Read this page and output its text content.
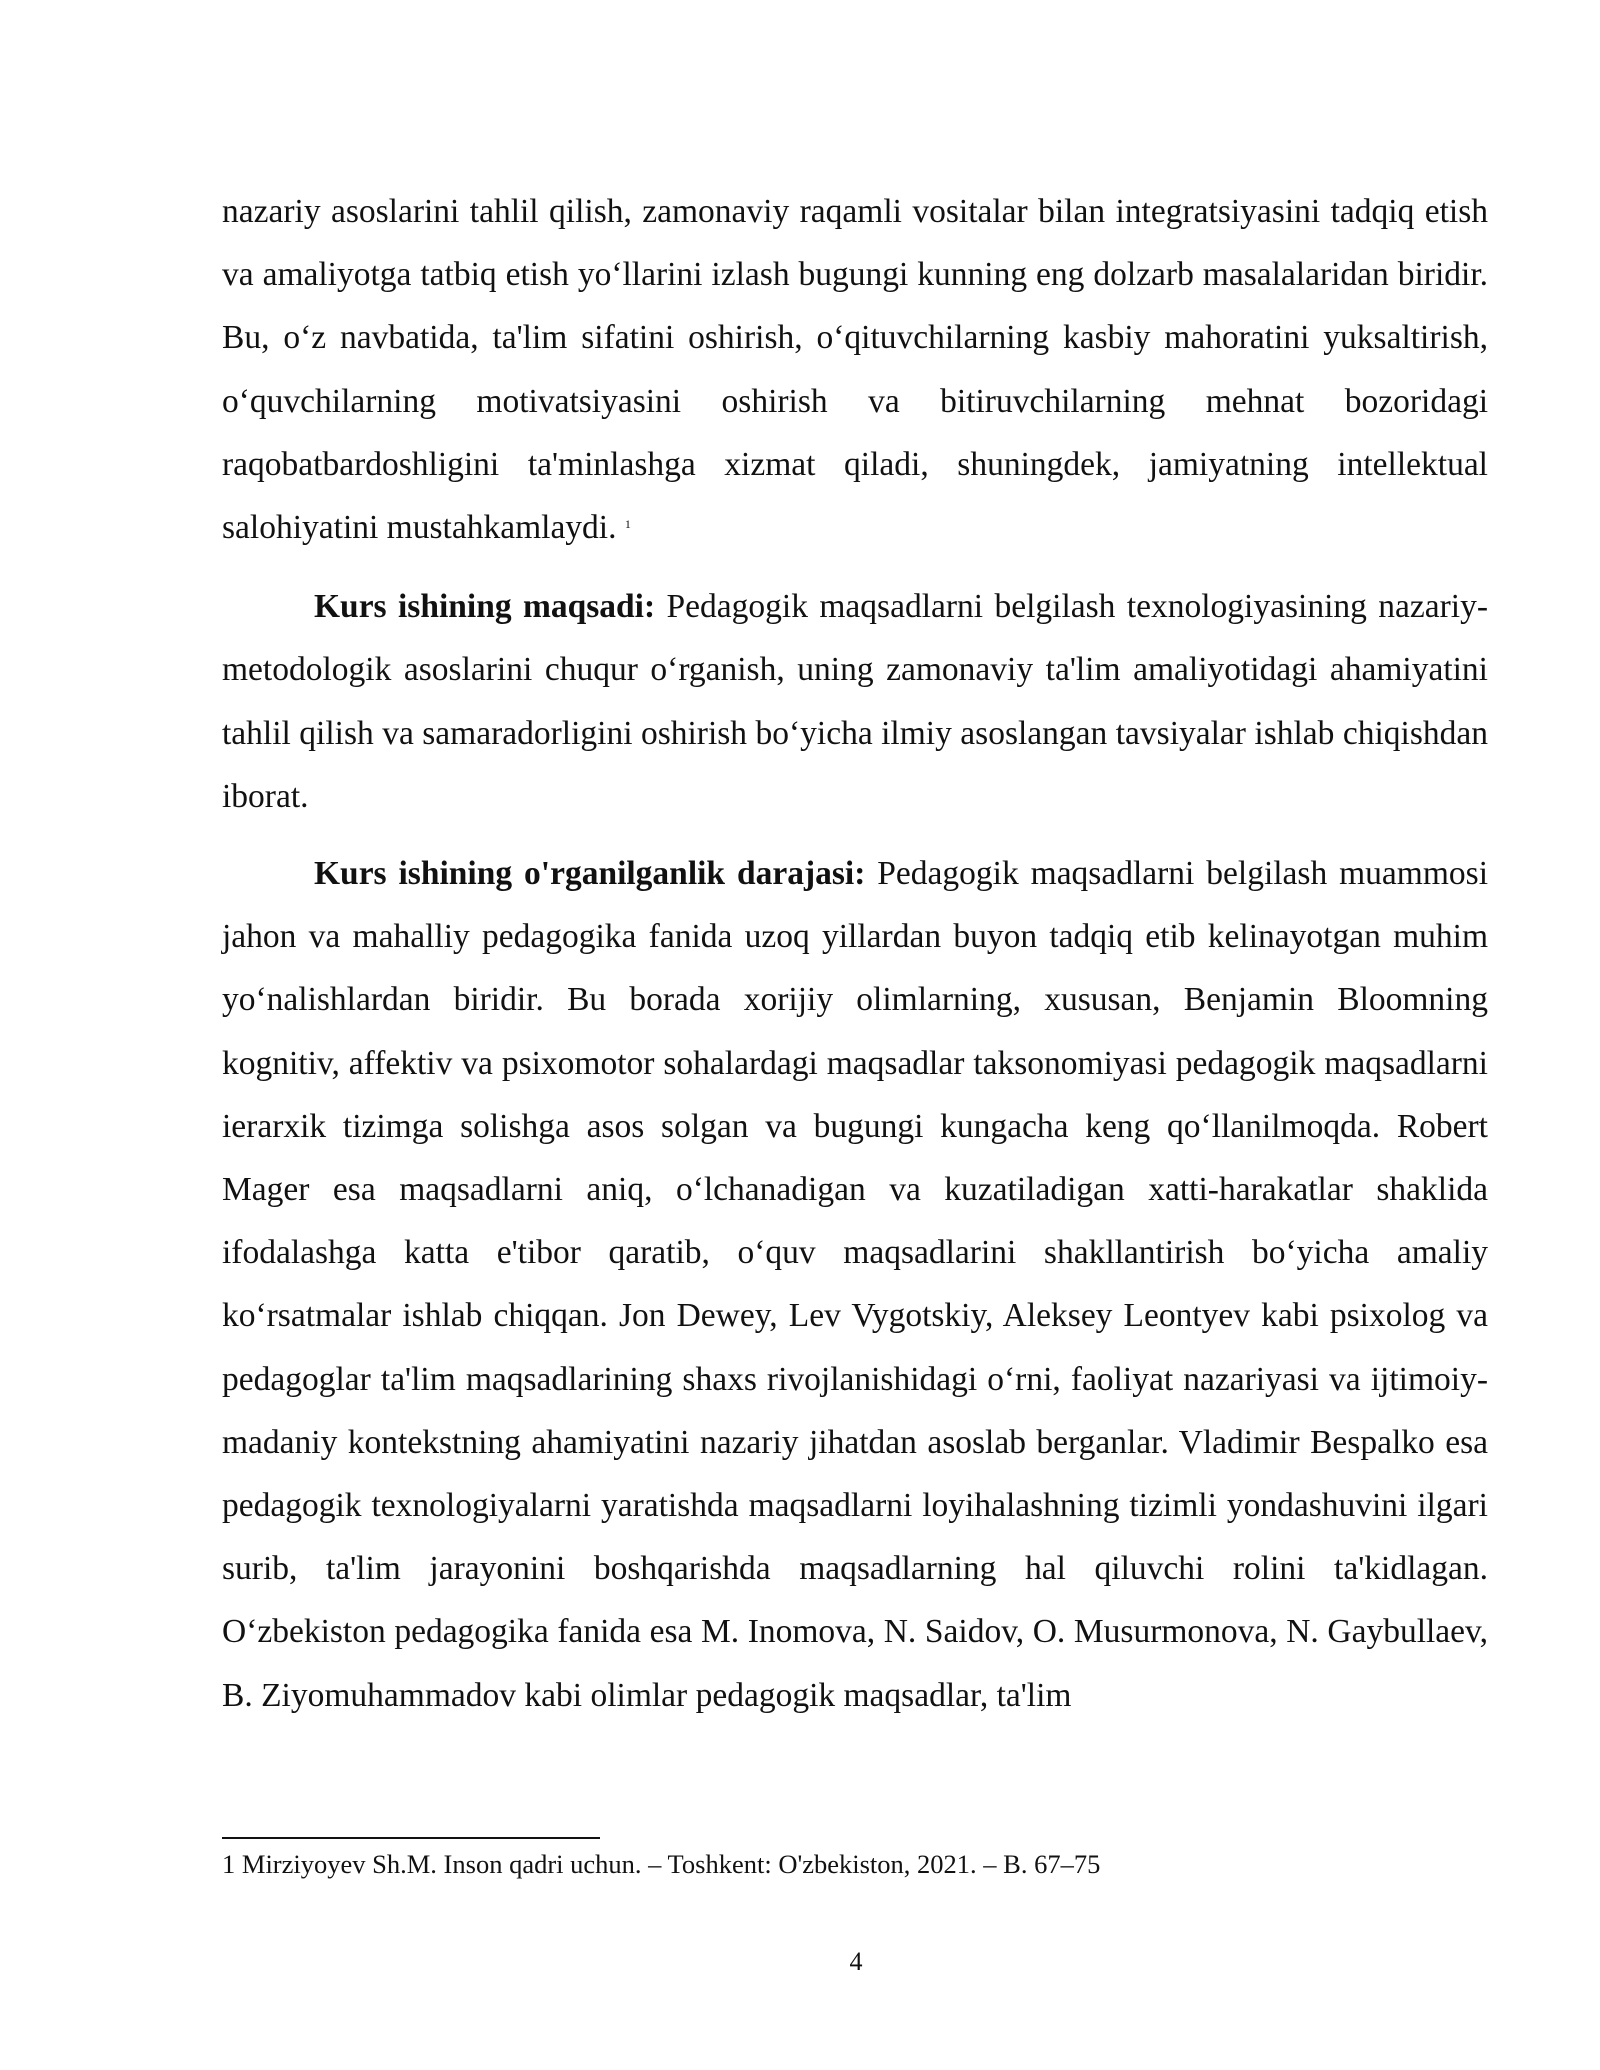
nazariy asoslarini tahlil qilish, zamonaviy raqamli vositalar bilan integratsiyasini tadqiq etish va amaliyotga tatbiq etish yo‘llarini izlash bugungi kunning eng dolzarb masalalaridan biridir. Bu, o‘z navbatida, ta'lim sifatini oshirish, o‘qituvchilarning kasbiy mahoratini yuksaltirish, o‘quvchilarning motivatsiyasini oshirish va bitiruvchilarning mehnat bozoridagi raqobatbardoshligini ta'minlashga xizmat qiladi, shuningdek, jamiyatning intellektual salohiyatini mustahkamlaydi. $^1$

Kurs ishining maqsadi: Pedagogik maqsadlarni belgilash texnologiyasining nazariy-metodologik asoslarini chuqur o‘rganish, uning zamonaviy ta'lim amaliyotidagi ahamiyatini tahlil qilish va samaradorligini oshirish bo‘yicha ilmiy asoslangan tavsiyalar ishlab chiqishdan iborat.

Kurs ishining o'rganilganlik darajasi: Pedagogik maqsadlarni belgilash muammosi jahon va mahalliy pedagogika fanida uzoq yillardan buyon tadqiq etib kelinayotgan muhim yo‘nalishlardan biridir. Bu borada xorijiy olimlarning, xususan, Benjamin Bloomning kognitiv, affektiv va psixomotor sohalardagi maqsadlar taksonomiyasi pedagogik maqsadlarni ierarxik tizimga solishga asos solgan va bugungi kungacha keng qo‘llanilmoqda. Robert Mager esa maqsadlarni aniq, o‘lchanadigan va kuzatiladigan xatti-harakatlar shaklida ifodalashga katta e'tibor qaratib, o‘quv maqsadlarini shakllantirish bo‘yicha amaliy ko‘rsatmalar ishlab chiqqan. Jon Dewey, Lev Vygotskiy, Aleksey Leontyev kabi psixolog va pedagoglar ta'lim maqsadlarining shaxs rivojlanishidagi o‘rni, faoliyat nazariyasi va ijtimoiy-madaniy kontekstning ahamiyatini nazariy jihatdan asoslab berganlar. Vladimir Bespalko esa pedagogik texnologiyalarni yaratishda maqsadlarni loyihalashning tizimli yondashuvini ilgari surib, ta'lim jarayonini boshqarishda maqsadlarning hal qiluvchi rolini ta'kidlagan. O‘zbekiston pedagogika fanida esa M. Inomova, N. Saidov, O. Musurmonova, N. Gaybullaev, B. Ziyomuhammadov kabi olimlar pedagogik maqsadlar, ta'lim

1 Mirziyoyev Sh.M. Inson qadri uchun. – Toshkent: O'zbekiston, 2021. – B. 67–75
4
